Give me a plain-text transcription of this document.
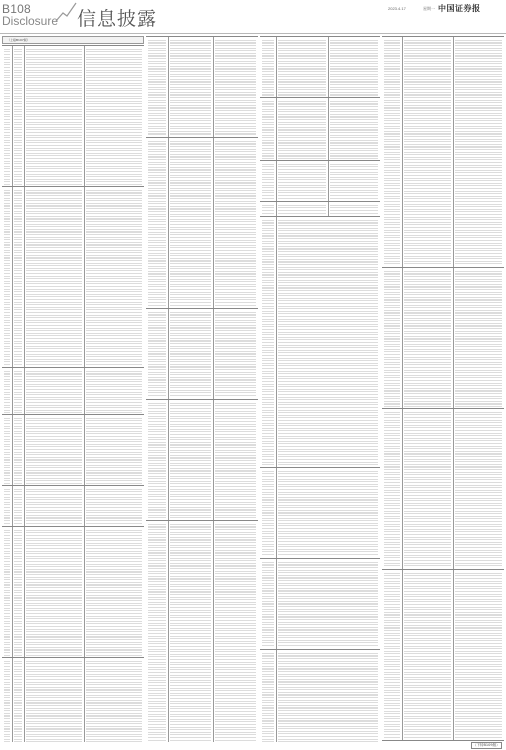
B108
Disclosure 信息披露	2023.4.17	星期一 中国证券报
（上接B107版）
（下转B109版）
